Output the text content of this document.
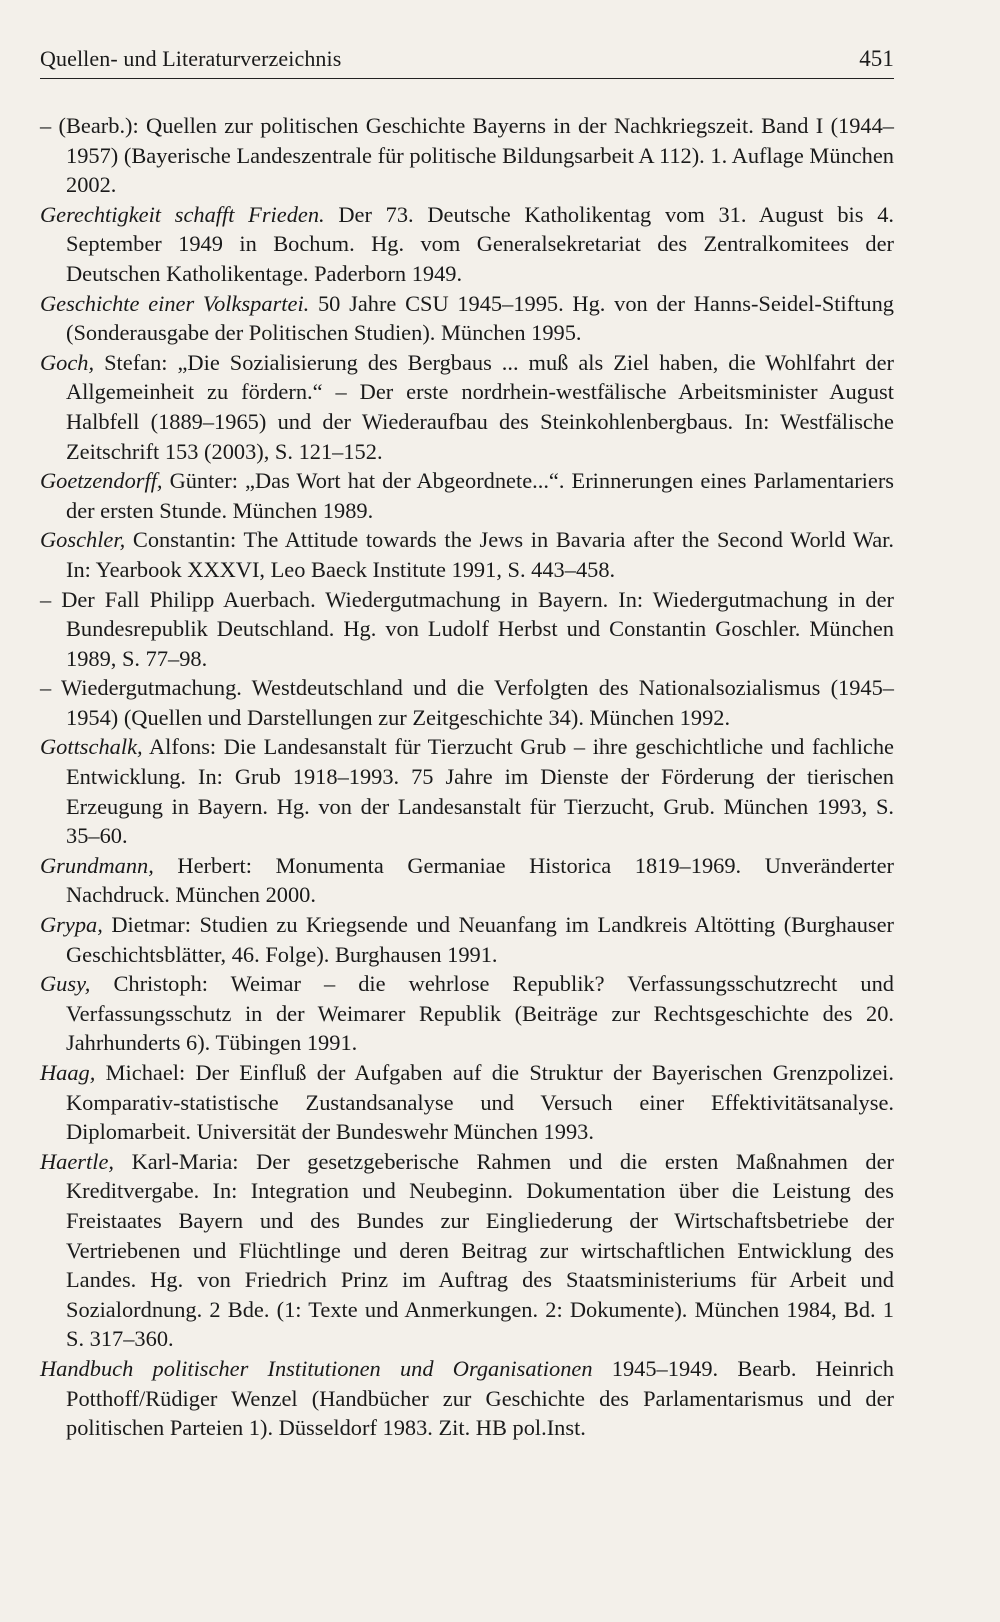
Quellen- und Literaturverzeichnis	451

– (Bearb.): Quellen zur politischen Geschichte Bayerns in der Nachkriegszeit. Band I (1944–1957) (Bayerische Landeszentrale für politische Bildungsarbeit A 112). 1. Auflage München 2002.

Gerechtigkeit schafft Frieden. Der 73. Deutsche Katholikentag vom 31. August bis 4. September 1949 in Bochum. Hg. vom Generalsekretariat des Zentralkomitees der Deutschen Katholikentage. Paderborn 1949.

Geschichte einer Volkspartei. 50 Jahre CSU 1945–1995. Hg. von der Hanns-Seidel-Stiftung (Sonderausgabe der Politischen Studien). München 1995.

Goch, Stefan: „Die Sozialisierung des Bergbaus ... muß als Ziel haben, die Wohlfahrt der Allgemeinheit zu fördern.“ – Der erste nordrhein-westfälische Arbeitsminister August Halbfell (1889–1965) und der Wiederaufbau des Steinkohlenbergbaus. In: Westfälische Zeitschrift 153 (2003), S. 121–152.

Goetzendorff, Günter: „Das Wort hat der Abgeordnete...“. Erinnerungen eines Parlamentariers der ersten Stunde. München 1989.

Goschler, Constantin: The Attitude towards the Jews in Bavaria after the Second World War. In: Yearbook XXXVI, Leo Baeck Institute 1991, S. 443–458.

– Der Fall Philipp Auerbach. Wiedergutmachung in Bayern. In: Wiedergutmachung in der Bundesrepublik Deutschland. Hg. von Ludolf Herbst und Constantin Goschler. München 1989, S. 77–98.

– Wiedergutmachung. Westdeutschland und die Verfolgten des Nationalsozialismus (1945–1954) (Quellen und Darstellungen zur Zeitgeschichte 34). München 1992.

Gottschalk, Alfons: Die Landesanstalt für Tierzucht Grub – ihre geschichtliche und fachliche Entwicklung. In: Grub 1918–1993. 75 Jahre im Dienste der Förderung der tierischen Erzeugung in Bayern. Hg. von der Landesanstalt für Tierzucht, Grub. München 1993, S. 35–60.

Grundmann, Herbert: Monumenta Germaniae Historica 1819–1969. Unveränderter Nachdruck. München 2000.

Grypa, Dietmar: Studien zu Kriegsende und Neuanfang im Landkreis Altötting (Burghauser Geschichtsblätter, 46. Folge). Burghausen 1991.

Gusy, Christoph: Weimar – die wehrlose Republik? Verfassungsschutzrecht und Verfassungsschutz in der Weimarer Republik (Beiträge zur Rechtsgeschichte des 20. Jahrhunderts 6). Tübingen 1991.

Haag, Michael: Der Einfluß der Aufgaben auf die Struktur der Bayerischen Grenzpolizei. Komparativ-statistische Zustandsanalyse und Versuch einer Effektivitätsanalyse. Diplomarbeit. Universität der Bundeswehr München 1993.

Haertle, Karl-Maria: Der gesetzgeberische Rahmen und die ersten Maßnahmen der Kreditvergabe. In: Integration und Neubeginn. Dokumentation über die Leistung des Freistaates Bayern und des Bundes zur Eingliederung der Wirtschaftsbetriebe der Vertriebenen und Flüchtlinge und deren Beitrag zur wirtschaftlichen Entwicklung des Landes. Hg. von Friedrich Prinz im Auftrag des Staatsministeriums für Arbeit und Sozialordnung. 2 Bde. (1: Texte und Anmerkungen. 2: Dokumente). München 1984, Bd. 1 S. 317–360.

Handbuch politischer Institutionen und Organisationen 1945–1949. Bearb. Heinrich Potthoff/Rüdiger Wenzel (Handbücher zur Geschichte des Parlamentarismus und der politischen Parteien 1). Düsseldorf 1983. Zit. HB pol.Inst.
